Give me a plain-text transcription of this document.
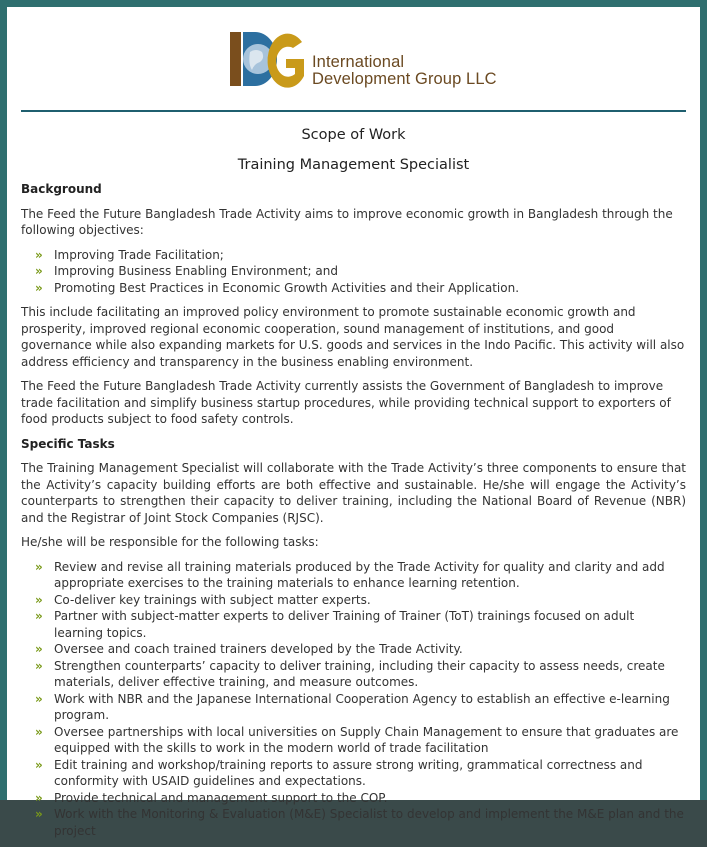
International
Development Group LLC
Scope of Work
Training Management Specialist
Background

The Feed the Future Bangladesh Trade Activity aims to improve economic growth in Bangladesh through the following objectives:

» Improving Trade Facilitation;
» Improving Business Enabling Environment; and
» Promoting Best Practices in Economic Growth Activities and their Application.

This include facilitating an improved policy environment to promote sustainable economic growth and prosperity, improved regional economic cooperation, sound management of institutions, and good governance while also expanding markets for U.S. goods and services in the Indo Pacific. This activity will also address efficiency and transparency in the business enabling environment.

The Feed the Future Bangladesh Trade Activity currently assists the Government of Bangladesh to improve trade facilitation and simplify business startup procedures, while providing technical support to exporters of food products subject to food safety controls.

Specific Tasks

The Training Management Specialist will collaborate with the Trade Activity’s three components to ensure that the Activity’s capacity building efforts are both effective and sustainable. He/she will engage the Activity’s counterparts to strengthen their capacity to deliver training, including the National Board of Revenue (NBR) and the Registrar of Joint Stock Companies (RJSC).

He/she will be responsible for the following tasks:

» Review and revise all training materials produced by the Trade Activity for quality and clarity and add appropriate exercises to the training materials to enhance learning retention.
» Co-deliver key trainings with subject matter experts.
» Partner with subject-matter experts to deliver Training of Trainer (ToT) trainings focused on adult learning topics.
» Oversee and coach trained trainers developed by the Trade Activity.
» Strengthen counterparts’ capacity to deliver training, including their capacity to assess needs, create materials, deliver effective training, and measure outcomes.
» Work with NBR and the Japanese International Cooperation Agency to establish an effective e-learning program.
» Oversee partnerships with local universities on Supply Chain Management to ensure that graduates are equipped with the skills to work in the modern world of trade facilitation
» Edit training and workshop/training reports to assure strong writing, grammatical correctness and conformity with USAID guidelines and expectations.
» Provide technical and management support to the COP.
» Work with the Monitoring & Evaluation (M&E) Specialist to develop and implement the M&E plan and the project
